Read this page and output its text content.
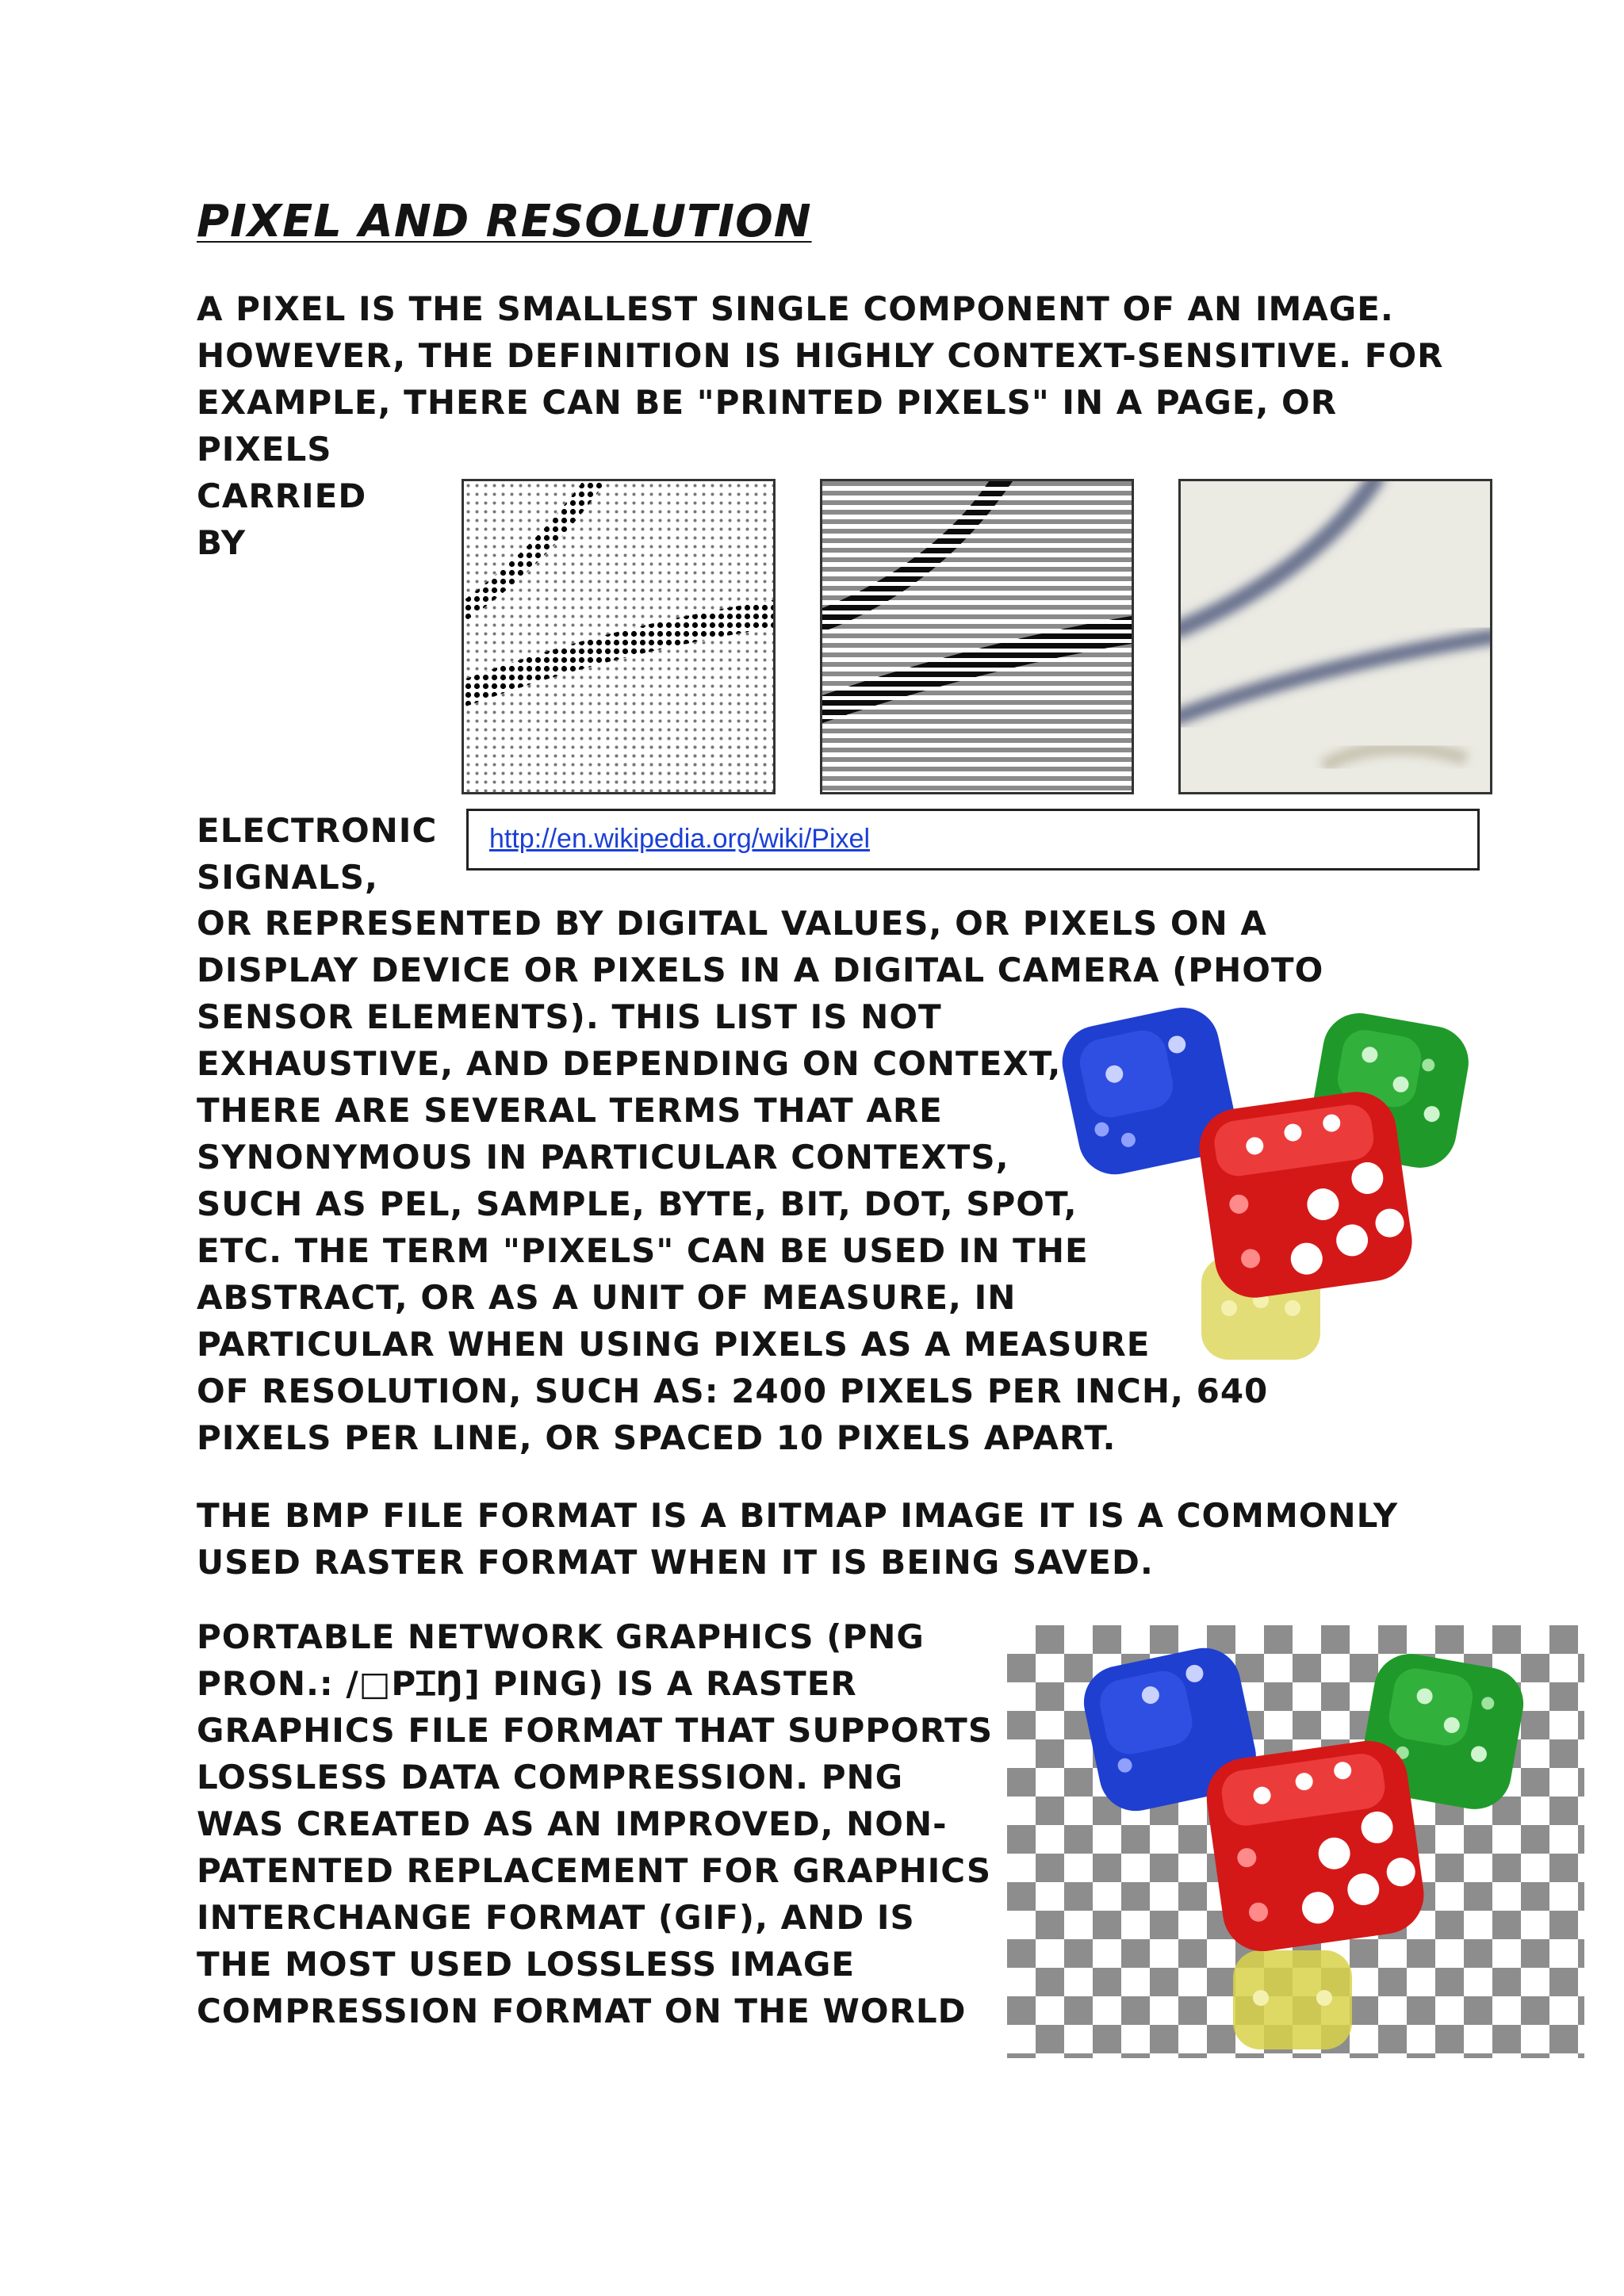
PIXEL AND RESOLUTION
A PIXEL IS THE SMALLEST SINGLE COMPONENT OF AN IMAGE.
HOWEVER, THE DEFINITION IS HIGHLY CONTEXT-SENSITIVE. FOR
EXAMPLE, THERE CAN BE "PRINTED PIXELS" IN A PAGE, OR
PIXELS
CARRIED
BY
ELECTRONIC
SIGNALS,
http://en.wikipedia.org/wiki/Pixel
OR REPRESENTED BY DIGITAL VALUES, OR PIXELS ON A
DISPLAY DEVICE OR PIXELS IN A DIGITAL CAMERA (PHOTO
SENSOR ELEMENTS). THIS LIST IS NOT
EXHAUSTIVE, AND DEPENDING ON CONTEXT,
THERE ARE SEVERAL TERMS THAT ARE
SYNONYMOUS IN PARTICULAR CONTEXTS,
SUCH AS PEL, SAMPLE, BYTE, BIT, DOT, SPOT,
ETC. THE TERM "PIXELS" CAN BE USED IN THE
ABSTRACT, OR AS A UNIT OF MEASURE, IN
PARTICULAR WHEN USING PIXELS AS A MEASURE
OF RESOLUTION, SUCH AS: 2400 PIXELS PER INCH, 640
PIXELS PER LINE, OR SPACED 10 PIXELS APART.
THE BMP FILE FORMAT IS A BITMAP IMAGE IT IS A COMMONLY
USED RASTER FORMAT WHEN IT IS BEING SAVED.
PORTABLE NETWORK GRAPHICS (PNG
PRON.: /□PꞮŊ] PING) IS A RASTER
GRAPHICS FILE FORMAT THAT SUPPORTS
LOSSLESS DATA COMPRESSION. PNG
WAS CREATED AS AN IMPROVED, NON-
PATENTED REPLACEMENT FOR GRAPHICS
INTERCHANGE FORMAT (GIF), AND IS
THE MOST USED LOSSLESS IMAGE
COMPRESSION FORMAT ON THE WORLD
